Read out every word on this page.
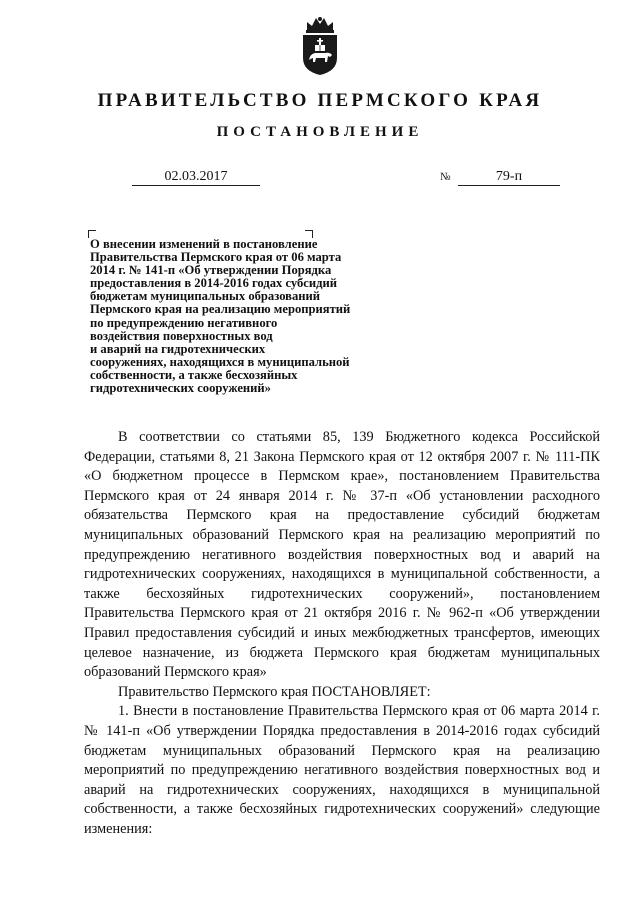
ПРАВИТЕЛЬСТВО ПЕРМСКОГО КРАЯ
ПОСТАНОВЛЕНИЕ
02.03.2017	№	79-п
О внесении изменений в постановление
Правительства Пермского края от 06 марта
2014 г. № 141-п «Об утверждении Порядка
предоставления в 2014-2016 годах субсидий
бюджетам муниципальных образований
Пермского края на реализацию мероприятий
по предупреждению негативного
воздействия поверхностных вод
и аварий на гидротехнических
сооружениях, находящихся в муниципальной
собственности, а также бесхозяйных
гидротехнических сооружений»

В соответствии со статьями 85, 139 Бюджетного кодекса Российской Федерации, статьями 8, 21 Закона Пермского края от 12 октября 2007 г. № 111-ПК «О бюджетном процессе в Пермском крае», постановлением Правительства Пермского края от 24 января 2014 г. № 37-п «Об установлении расходного обязательства Пермского края на предоставление субсидий бюджетам муниципальных образований Пермского края на реализацию мероприятий по предупреждению негативного воздействия поверхностных вод и аварий на гидротехнических сооружениях, находящихся в муниципальной собственности, а также бесхозяйных гидротехнических сооружений», постановлением Правительства Пермского края от 21 октября 2016 г. № 962-п «Об утверждении Правил предоставления субсидий и иных межбюджетных трансфертов, имеющих целевое назначение, из бюджета Пермского края бюджетам муниципальных образований Пермского края»

Правительство Пермского края ПОСТАНОВЛЯЕТ:

1. Внести в постановление Правительства Пермского края от 06 марта 2014 г. № 141-п «Об утверждении Порядка предоставления в 2014-2016 годах субсидий бюджетам муниципальных образований Пермского края на реализацию мероприятий по предупреждению негативного воздействия поверхностных вод и аварий на гидротехнических сооружениях, находящихся в муниципальной собственности, а также бесхозяйных гидротехнических сооружений» следующие изменения:
